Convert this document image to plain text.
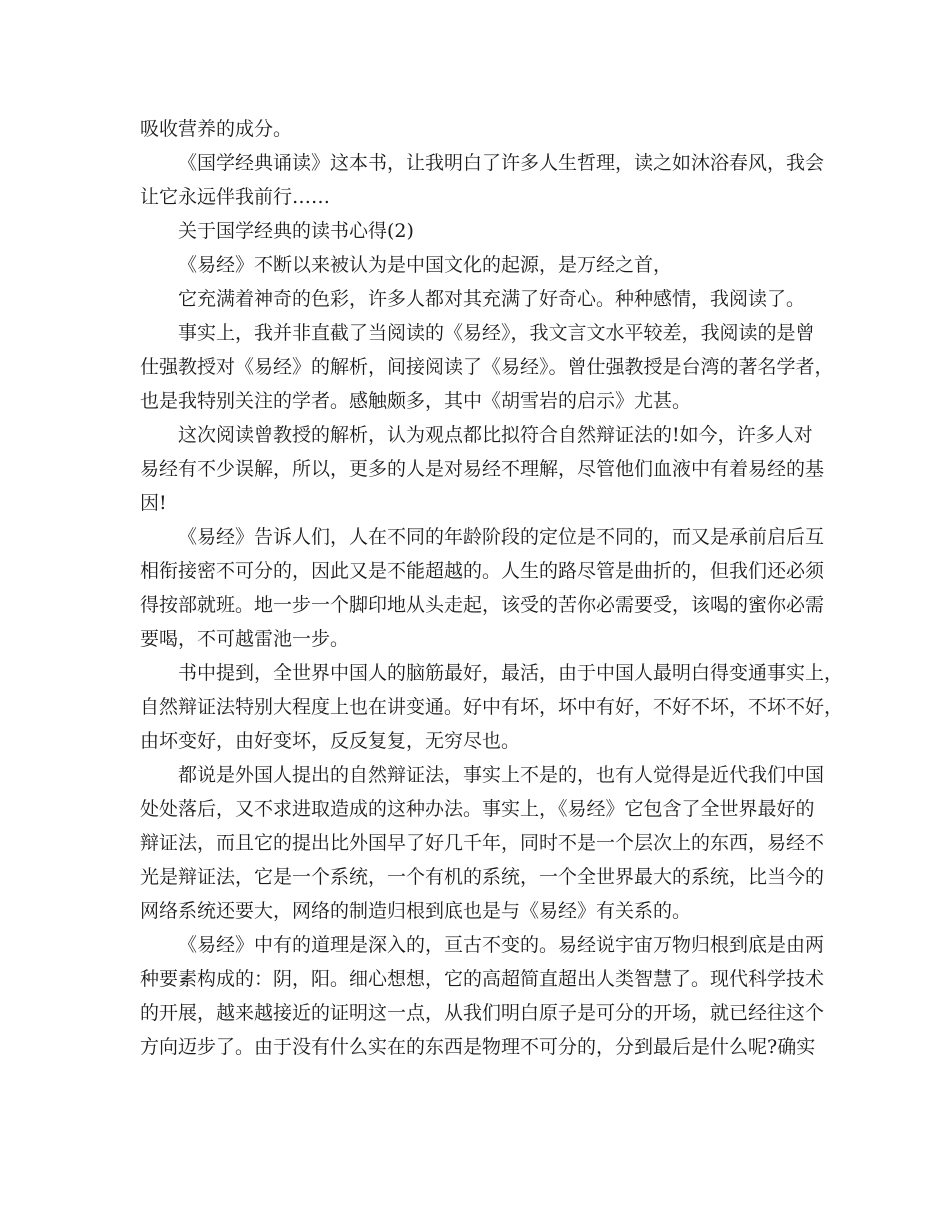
吸收营养的成分。
《国学经典诵读》这本书，让我明白了许多人生哲理，读之如沐浴春风，我会
让它永远伴我前行……
关于国学经典的读书心得(2)
《易经》不断以来被认为是中国文化的起源，是万经之首，
它充满着神奇的色彩，许多人都对其充满了好奇心。种种感情，我阅读了。
事实上，我并非直截了当阅读的《易经》，我文言文水平较差，我阅读的是曾
仕强教授对《易经》的解析，间接阅读了《易经》。曾仕强教授是台湾的著名学者，
也是我特别关注的学者。感触颇多，其中《胡雪岩的启示》尤甚。
这次阅读曾教授的解析，认为观点都比拟符合自然辩证法的!如今，许多人对
易经有不少误解，所以，更多的人是对易经不理解，尽管他们血液中有着易经的基
因!
《易经》告诉人们，人在不同的年龄阶段的定位是不同的，而又是承前启后互
相衔接密不可分的，因此又是不能超越的。人生的路尽管是曲折的，但我们还必须
得按部就班。地一步一个脚印地从头走起，该受的苦你必需要受，该喝的蜜你必需
要喝，不可越雷池一步。
书中提到，全世界中国人的脑筋最好，最活，由于中国人最明白得变通事实上，
自然辩证法特别大程度上也在讲变通。好中有坏，坏中有好，不好不坏，不坏不好，
由坏变好，由好变坏，反反复复，无穷尽也。
都说是外国人提出的自然辩证法，事实上不是的，也有人觉得是近代我们中国
处处落后，又不求进取造成的这种办法。事实上，《易经》它包含了全世界最好的
辩证法，而且它的提出比外国早了好几千年，同时不是一个层次上的东西，易经不
光是辩证法，它是一个系统，一个有机的系统，一个全世界最大的系统，比当今的
网络系统还要大，网络的制造归根到底也是与《易经》有关系的。
《易经》中有的道理是深入的，亘古不变的。易经说宇宙万物归根到底是由两
种要素构成的：阴，阳。细心想想，它的高超简直超出人类智慧了。现代科学技术
的开展，越来越接近的证明这一点，从我们明白原子是可分的开场，就已经往这个
方向迈步了。由于没有什么实在的东西是物理不可分的，分到最后是什么呢?确实
